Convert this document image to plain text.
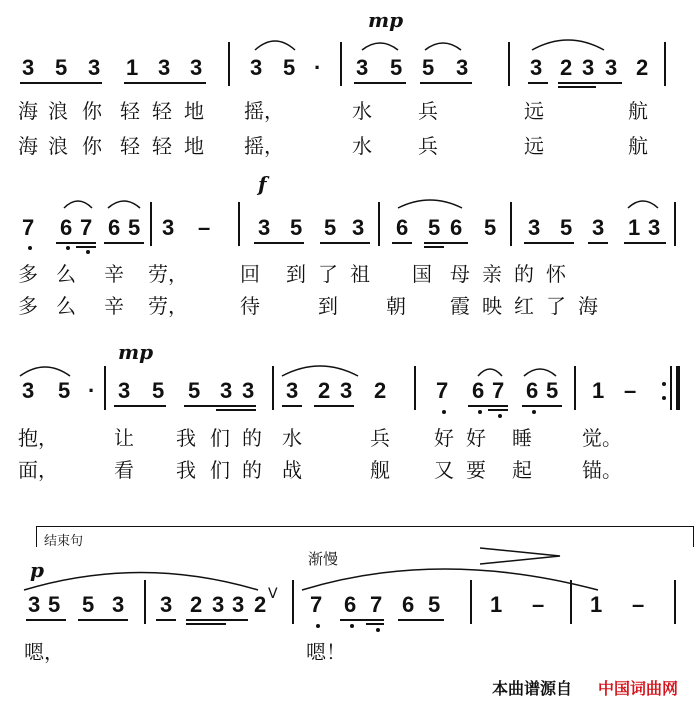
mp
3 5 3 1 3 3 3 5 · 3 5 5 3	3 2 3 3 2
海 浪 你 轻 轻 地 摇，	水 兵	远	航
海 浪 你 轻 轻 地 摇，	水 兵	远	航
f
7 6 7 6 5 3 – 3 5 5 3 6 5 6 5 3 5 3 1 3
多 么 辛 劳，	回 到 了 祖 国 母 亲 的 怀
多 么 辛 劳，	待	到 朝 霞 映 红 了 海
mp
3 5 · 3 5 5 3 3 3 2 3 2 7 6 7 6 5 1 –
抱，	让 我 们 的 水	兵 好 好 睡	觉。
面，	看 我 们 的 战	舰 又 要 起	锚。
结束句
渐慢
p
3 5 5 3 3 2 3 3 2 7 6 7 6 5 1 – 1 –
V
嗯，	嗯！
本曲谱源自 中国词曲网
